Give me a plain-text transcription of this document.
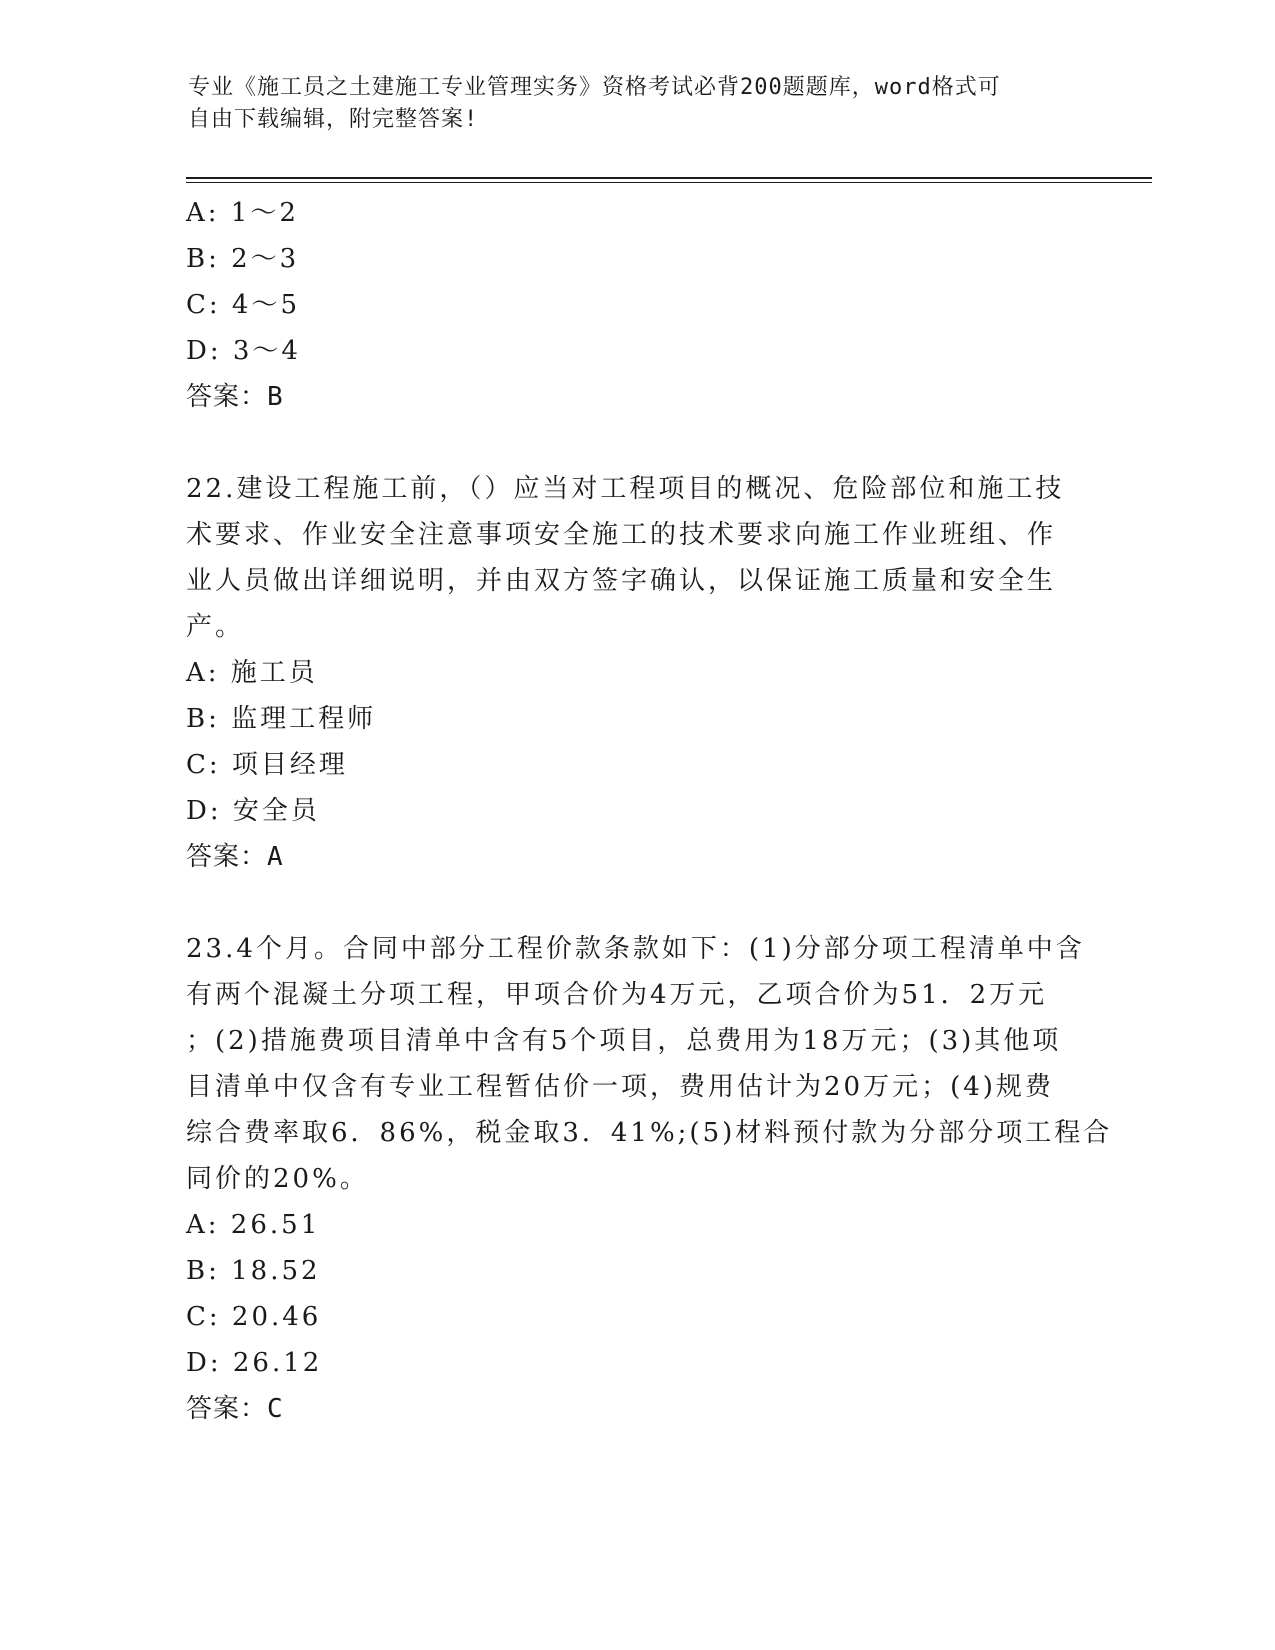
专业《施工员之土建施工专业管理实务》资格考试必背200题题库，word格式可
自由下载编辑，附完整答案!
A: 1～2
B: 2～3
C: 4～5
D: 3～4
答案：B
22.建设工程施工前，（）应当对工程项目的概况、危险部位和施工技
术要求、作业安全注意事项安全施工的技术要求向施工作业班组、作
业人员做出详细说明，并由双方签字确认，以保证施工质量和安全生
产。
A: 施工员
B: 监理工程师
C: 项目经理
D: 安全员
答案：A
23.4个月。合同中部分工程价款条款如下：(1)分部分项工程清单中含
有两个混凝土分项工程，甲项合价为4万元，乙项合价为51．2万元
；(2)措施费项目清单中含有5个项目，总费用为18万元；(3)其他项
目清单中仅含有专业工程暂估价一项，费用估计为20万元；(4)规费
综合费率取6．86%，税金取3．41%;(5)材料预付款为分部分项工程合
同价的20%。
A: 26.51
B: 18.52
C: 20.46
D: 26.12
答案：C
